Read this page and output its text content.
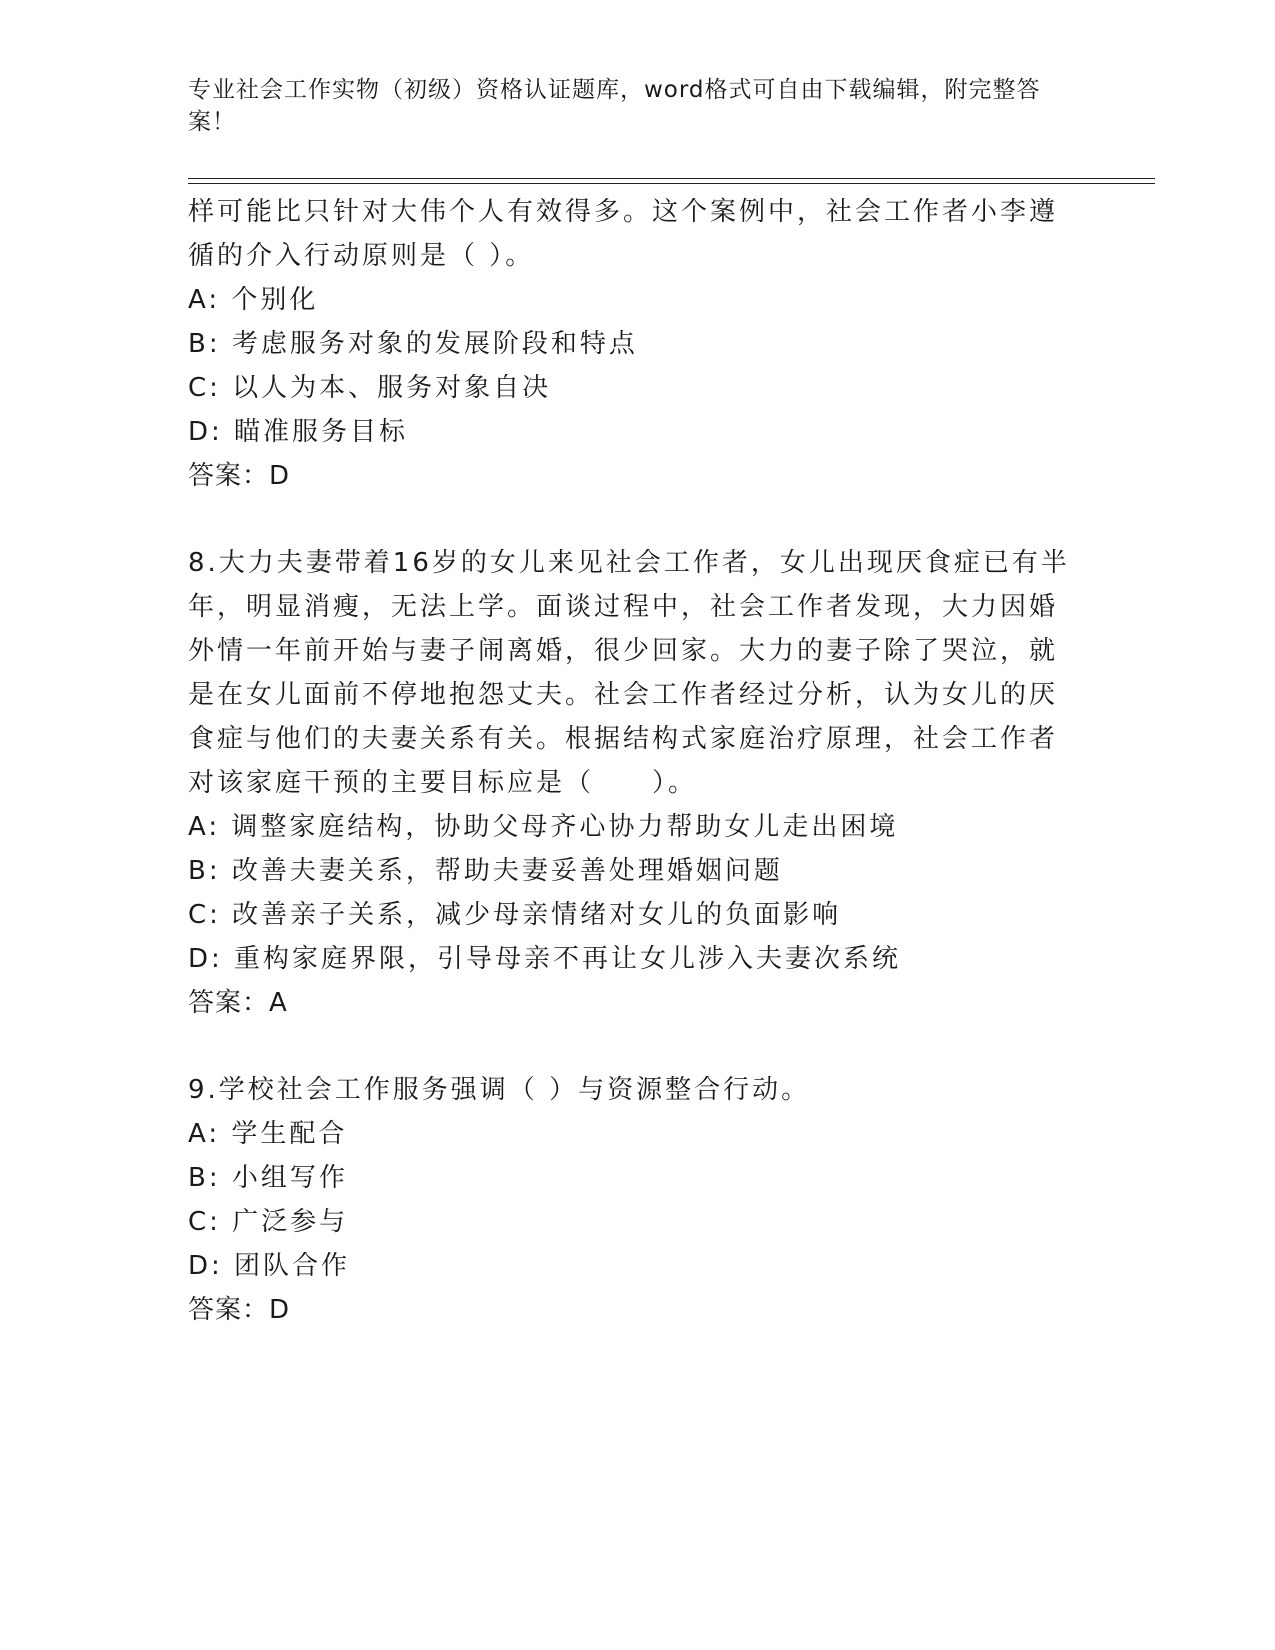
专业社会工作实物（初级）资格认证题库，word格式可自由下载编辑，附完整答案！
样可能比只针对大伟个人有效得多。这个案例中，社会工作者小李遵
循的介入行动原则是（ ）。
A: 个别化
B: 考虑服务对象的发展阶段和特点
C: 以人为本、服务对象自决
D: 瞄准服务目标
答案：D
8.大力夫妻带着16岁的女儿来见社会工作者，女儿出现厌食症已有半
年，明显消瘦，无法上学。面谈过程中，社会工作者发现，大力因婚
外情一年前开始与妻子闹离婚，很少回家。大力的妻子除了哭泣，就
是在女儿面前不停地抱怨丈夫。社会工作者经过分析，认为女儿的厌
食症与他们的夫妻关系有关。根据结构式家庭治疗原理，社会工作者
对该家庭干预的主要目标应是（　　）。
A: 调整家庭结构，协助父母齐心协力帮助女儿走出困境
B: 改善夫妻关系，帮助夫妻妥善处理婚姻问题
C: 改善亲子关系，减少母亲情绪对女儿的负面影响
D: 重构家庭界限，引导母亲不再让女儿涉入夫妻次系统
答案：A
9.学校社会工作服务强调（ ）与资源整合行动。
A: 学生配合
B: 小组写作
C: 广泛参与
D: 团队合作
答案：D
